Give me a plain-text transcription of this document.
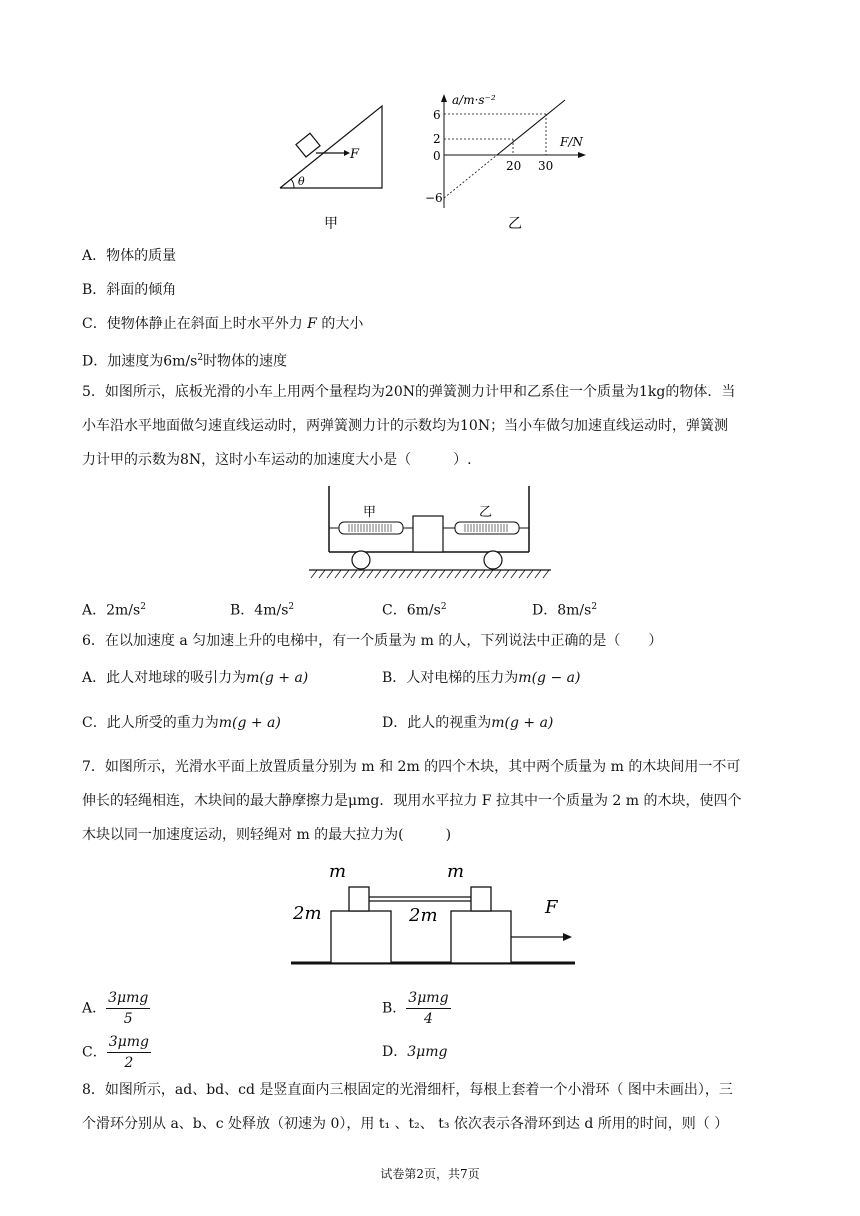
F
θ
甲
a/m·s⁻²
F/N
6
2
0
−6
20 30
乙
A．物体的质量
B．斜面的倾角
C．使物体静止在斜面上时水平外力 F 的大小
D．加速度为$6m/s^2$时物体的速度
5．如图所示，底板光滑的小车上用两个量程均为20N的弹簧测力计甲和乙系住一个质量为1kg的物体．当
小车沿水平地面做匀速直线运动时，两弹簧测力计的示数均为10N；当小车做匀加速直线运动时，弹簧测
力计甲的示数为8N，这时小车运动的加速度大小是（　　　）.
甲	乙
A．$2m/s^2$	B．$4m/s^2$	C．$6m/s^2$	D．$8m/s^2$
6．在以加速度 a 匀加速上升的电梯中，有一个质量为 m 的人，下列说法中正确的是（　　）
A．此人对地球的吸引力为m(g + a)	B．人对电梯的压力为m(g − a)
C．此人所受的重力为m(g + a)	D．此人的视重为m(g + a)
7．如图所示，光滑水平面上放置质量分别为 m 和 2m 的四个木块，其中两个质量为 m 的木块间用一不可
伸长的轻绳相连，木块间的最大静摩擦力是μmg．现用水平拉力 F 拉其中一个质量为 2 m 的木块，使四个
木块以同一加速度运动，则轻绳对 m 的最大拉力为(　　　)
m	m
2m	2m	F
A． $\frac{\text{3μmg}}{5}$	B． $\frac{\text{3μmg}}{4}$
C． $\frac{\text{3μmg}}{2}$	D．3μmg
8．如图所示，ad、bd、cd 是竖直面内三根固定的光滑细杆，每根上套着一个小滑环（ 图中未画出），三
个滑环分别从 a、b、c 处释放（初速为 0），用 t₁ 、t₂、 t₃ 依次表示各滑环到达 d 所用的时间，则（ ）
试卷第2页，共7页
